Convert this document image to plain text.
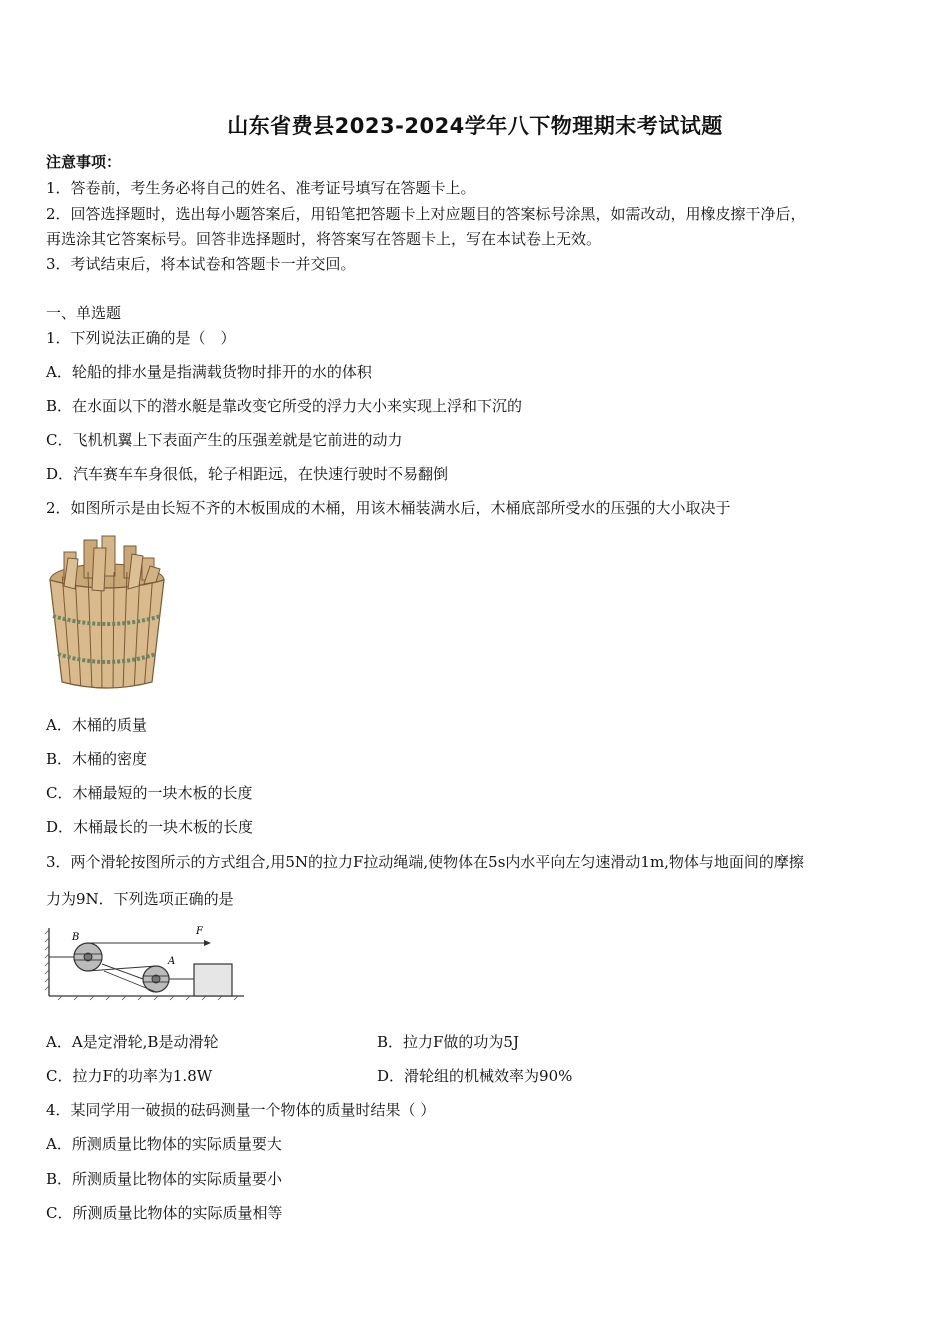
山东省费县2023-2024学年八下物理期末考试试题
注意事项：
1．答卷前，考生务必将自己的姓名、准考证号填写在答题卡上。
2．回答选择题时，选出每小题答案后，用铅笔把答题卡上对应题目的答案标号涂黑，如需改动，用橡皮擦干净后，
再选涂其它答案标号。回答非选择题时，将答案写在答题卡上，写在本试卷上无效。
3．考试结束后，将本试卷和答题卡一并交回。
一、单选题
1．下列说法正确的是（　）
A．轮船的排水量是指满载货物时排开的水的体积
B．在水面以下的潜水艇是靠改变它所受的浮力大小来实现上浮和下沉的
C．飞机机翼上下表面产生的压强差就是它前进的动力
D．汽车赛车车身很低，轮子相距远，在快速行驶时不易翻倒
2．如图所示是由长短不齐的木板围成的木桶，用该木桶装满水后，木桶底部所受水的压强的大小取决于
A．木桶的质量
B．木桶的密度
C．木桶最短的一块木板的长度
D．木桶最长的一块木板的长度
3．两个滑轮按图所示的方式组合,用5N的拉力F拉动绳端,使物体在5s内水平向左匀速滑动1m,物体与地面间的摩擦
力为9N．下列选项正确的是
B
A
F
A．A是定滑轮,B是动滑轮	B．拉力F做的功为5J
C．拉力F的功率为1.8W	D．滑轮组的机械效率为90%
4．某同学用一破损的砝码测量一个物体的质量时结果（ ）
A．所测质量比物体的实际质量要大
B．所测质量比物体的实际质量要小
C．所测质量比物体的实际质量相等
